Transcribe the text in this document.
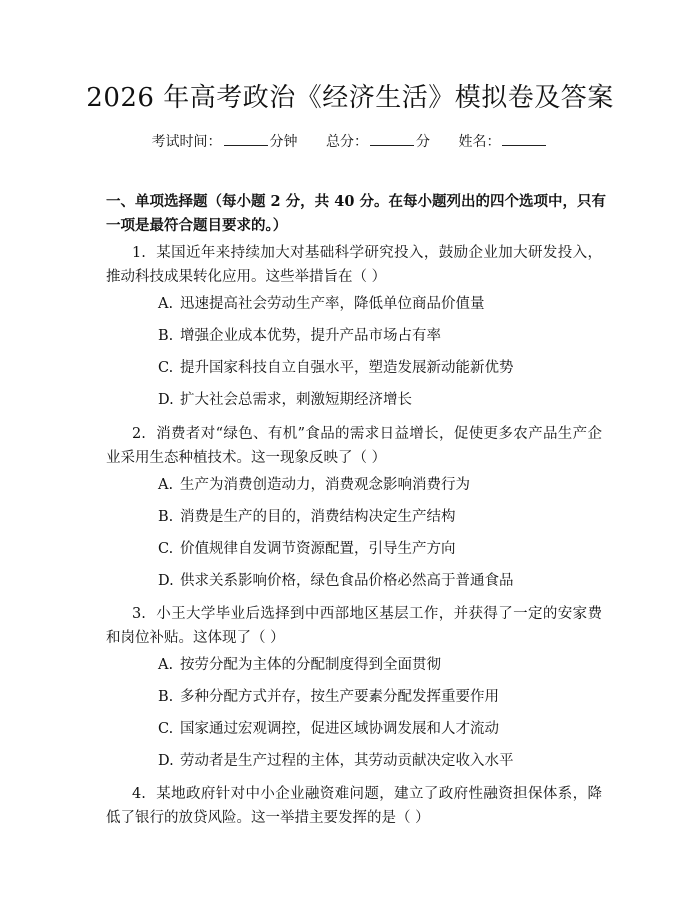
2026 年高考政治《经济生活》模拟卷及答案
考试时间：	分钟 总分：	分 姓名：
一、单项选择题（每小题 2 分，共 40 分。在每小题列出的四个选项中，只有一项是最符合题目要求的。）
1. 某国近年来持续加大对基础科学研究投入，鼓励企业加大研发投入，推动科技成果转化应用。这些举措旨在（ ）
A. 迅速提高社会劳动生产率，降低单位商品价值量
B. 增强企业成本优势，提升产品市场占有率
C. 提升国家科技自立自强水平，塑造发展新动能新优势
D. 扩大社会总需求，刺激短期经济增长
2. 消费者对“绿色、有机”食品的需求日益增长，促使更多农产品生产企业采用生态种植技术。这一现象反映了（ ）
A. 生产为消费创造动力，消费观念影响消费行为
B. 消费是生产的目的，消费结构决定生产结构
C. 价值规律自发调节资源配置，引导生产方向
D. 供求关系影响价格，绿色食品价格必然高于普通食品
3. 小王大学毕业后选择到中西部地区基层工作，并获得了一定的安家费和岗位补贴。这体现了（ ）
A. 按劳分配为主体的分配制度得到全面贯彻
B. 多种分配方式并存，按生产要素分配发挥重要作用
C. 国家通过宏观调控，促进区域协调发展和人才流动
D. 劳动者是生产过程的主体，其劳动贡献决定收入水平
4. 某地政府针对中小企业融资难问题，建立了政府性融资担保体系，降低了银行的放贷风险。这一举措主要发挥的是（ ）
